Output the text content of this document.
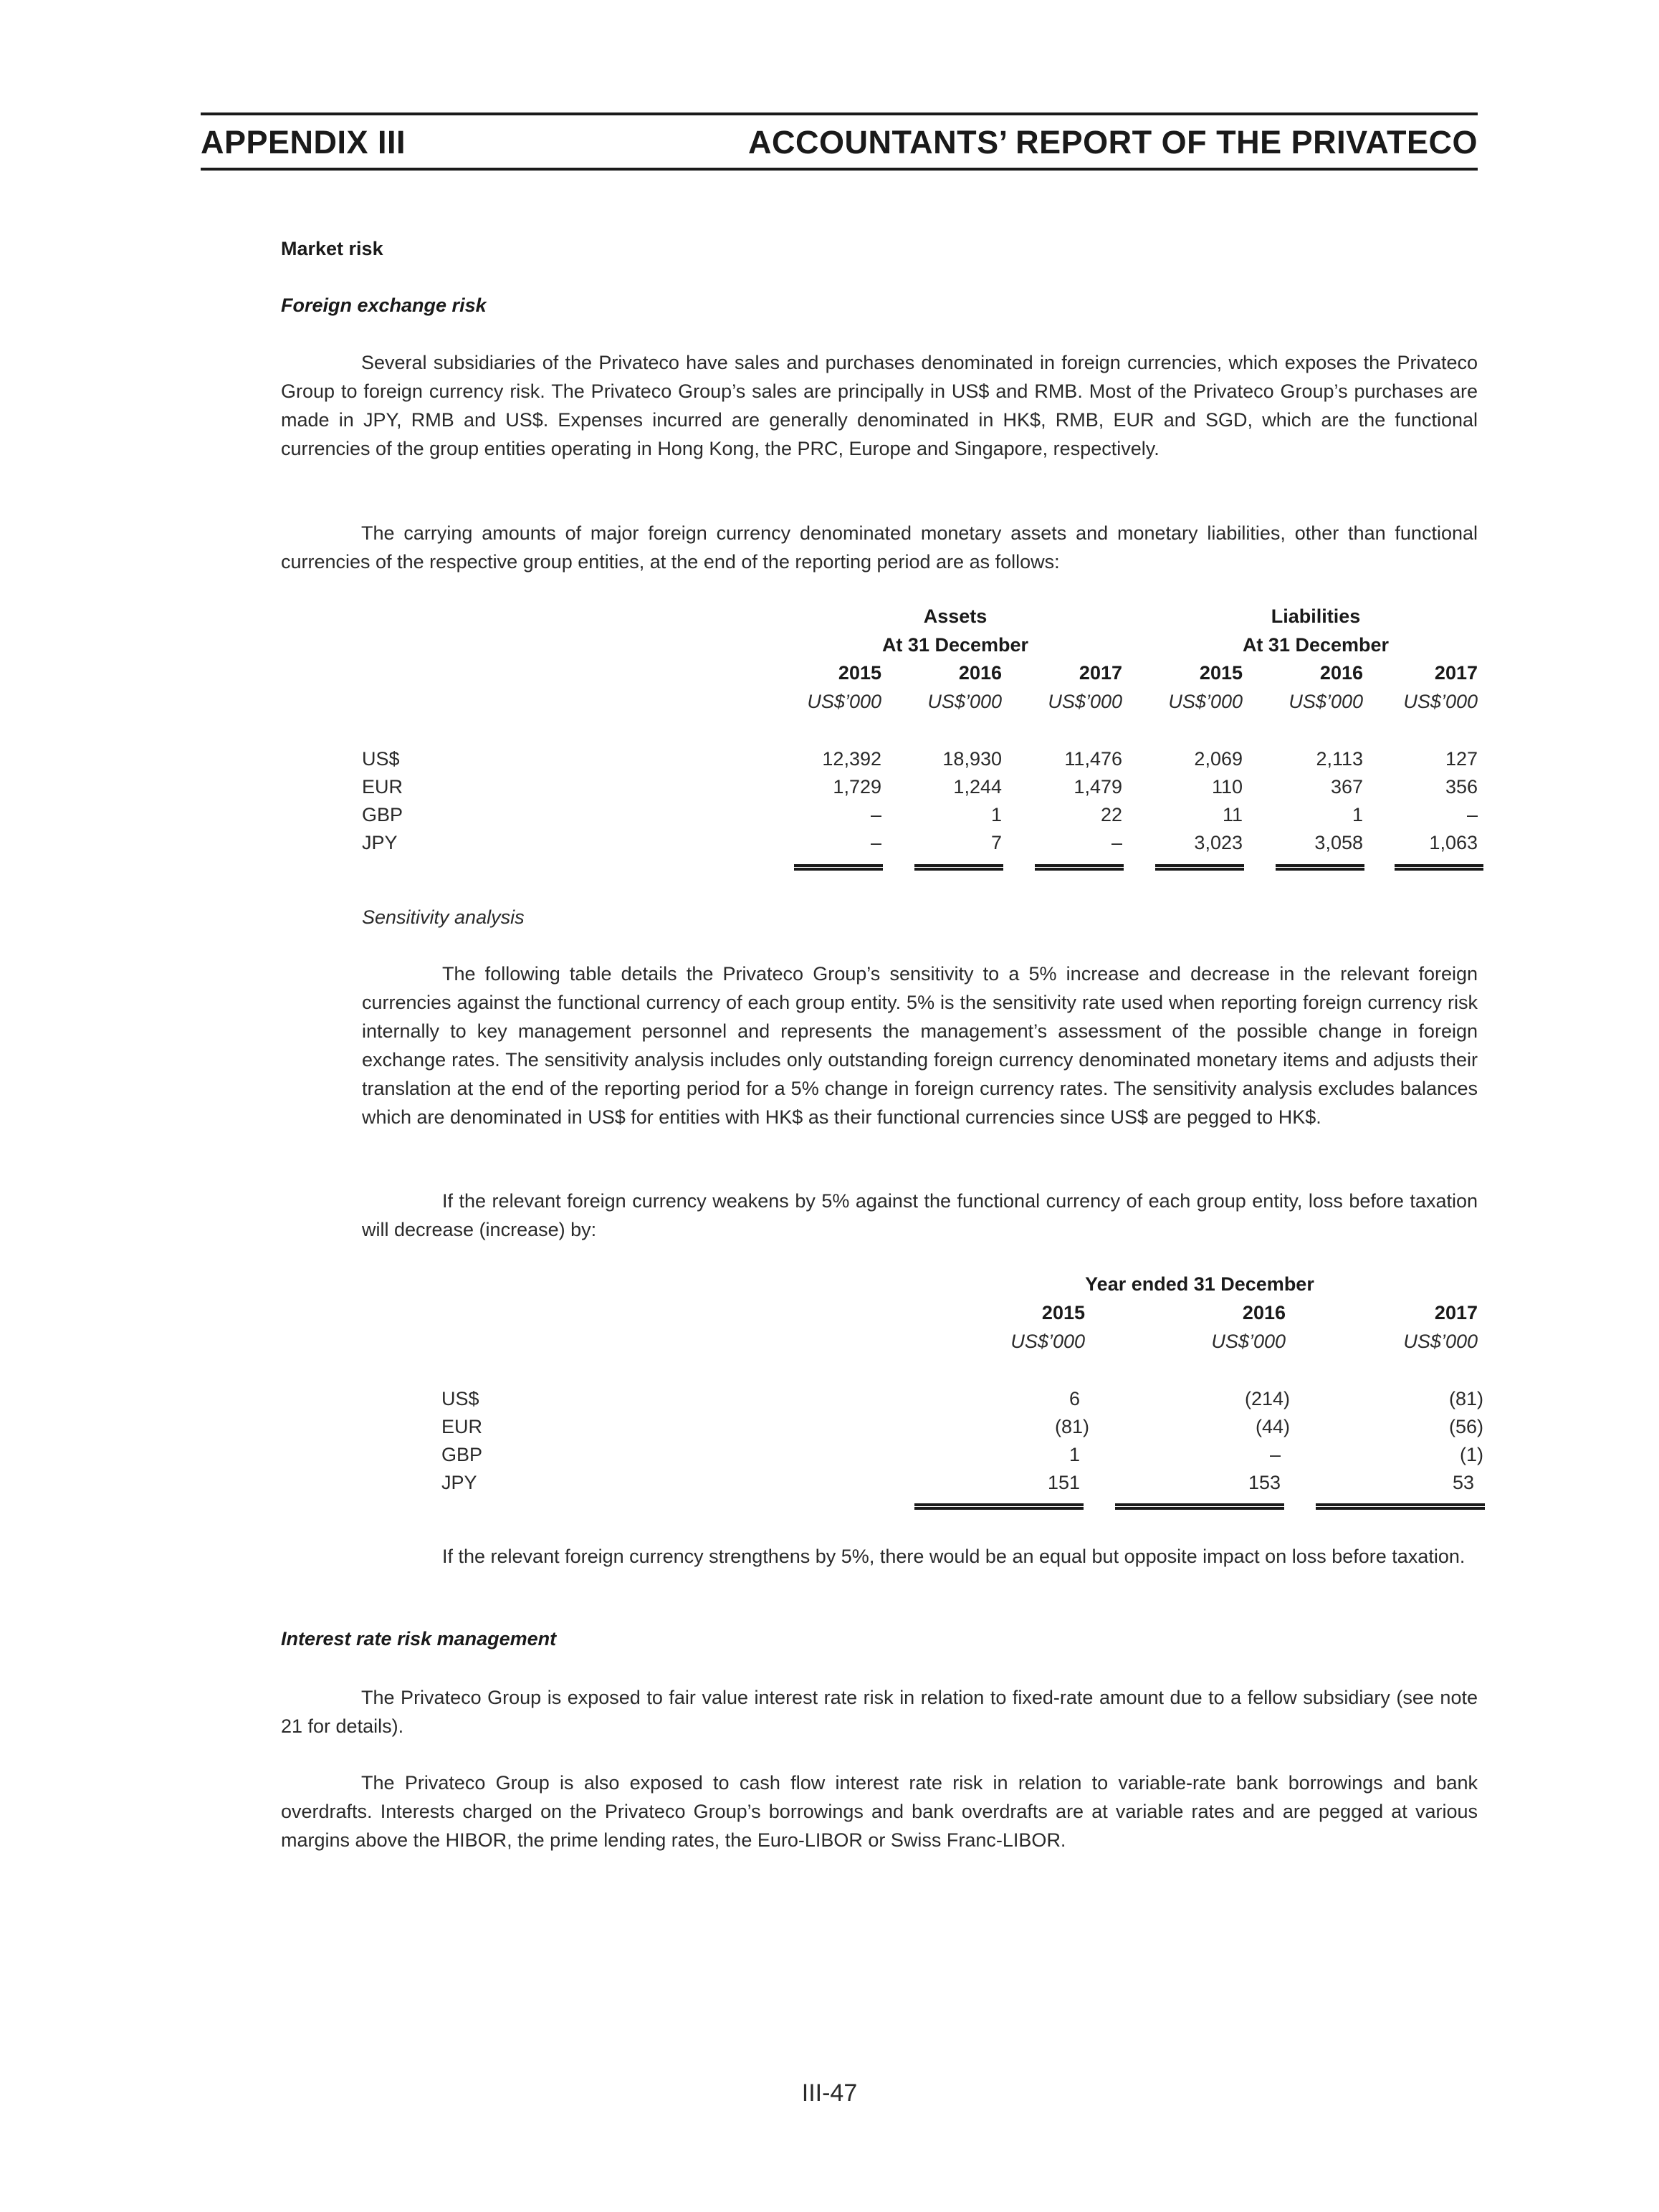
APPENDIX III	ACCOUNTANTS’ REPORT OF THE PRIVATECO
Market risk
Foreign exchange risk
Several subsidiaries of the Privateco have sales and purchases denominated in foreign currencies, which exposes the Privateco Group to foreign currency risk. The Privateco Group’s sales are principally in US$ and RMB. Most of the Privateco Group’s purchases are made in JPY, RMB and US$. Expenses incurred are generally denominated in HK$, RMB, EUR and SGD, which are the functional currencies of the group entities operating in Hong Kong, the PRC, Europe and Singapore, respectively.
The carrying amounts of major foreign currency denominated monetary assets and monetary liabilities, other than functional currencies of the respective group entities, at the end of the reporting period are as follows:
Assets	Liabilities
At 31 December	At 31 December
2015	2016	2017	2015	2016	2017
US$’000 US$’000 US$’000 US$’000 US$’000 US$’000
US$	12,392	18,930	11,476	2,069	2,113	127
EUR	1,729	1,244	1,479	110	367	356
GBP	–	1	22	11	1	–
JPY	–	7	–	3,023	3,058	1,063
Sensitivity analysis
The following table details the Privateco Group’s sensitivity to a 5% increase and decrease in the relevant foreign currencies against the functional currency of each group entity. 5% is the sensitivity rate used when reporting foreign currency risk internally to key management personnel and represents the management’s assessment of the possible change in foreign exchange rates. The sensitivity analysis includes only outstanding foreign currency denominated monetary items and adjusts their translation at the end of the reporting period for a 5% change in foreign currency rates. The sensitivity analysis excludes balances which are denominated in US$ for entities with HK$ as their functional currencies since US$ are pegged to HK$.
If the relevant foreign currency weakens by 5% against the functional currency of each group entity, loss before taxation will decrease (increase) by:
Year ended 31 December
2015	2016	2017
US$’000	US$’000	US$’000
US$	6	(214)	(81)
EUR	(81)	(44)	(56)
GBP	1	–	(1)
JPY	151	153	53
If the relevant foreign currency strengthens by 5%, there would be an equal but opposite impact on loss before taxation.
Interest rate risk management
The Privateco Group is exposed to fair value interest rate risk in relation to fixed-rate amount due to a fellow subsidiary (see note 21 for details).
The Privateco Group is also exposed to cash flow interest rate risk in relation to variable-rate bank borrowings and bank overdrafts. Interests charged on the Privateco Group’s borrowings and bank overdrafts are at variable rates and are pegged at various margins above the HIBOR, the prime lending rates, the Euro-LIBOR or Swiss Franc-LIBOR.
III-47
